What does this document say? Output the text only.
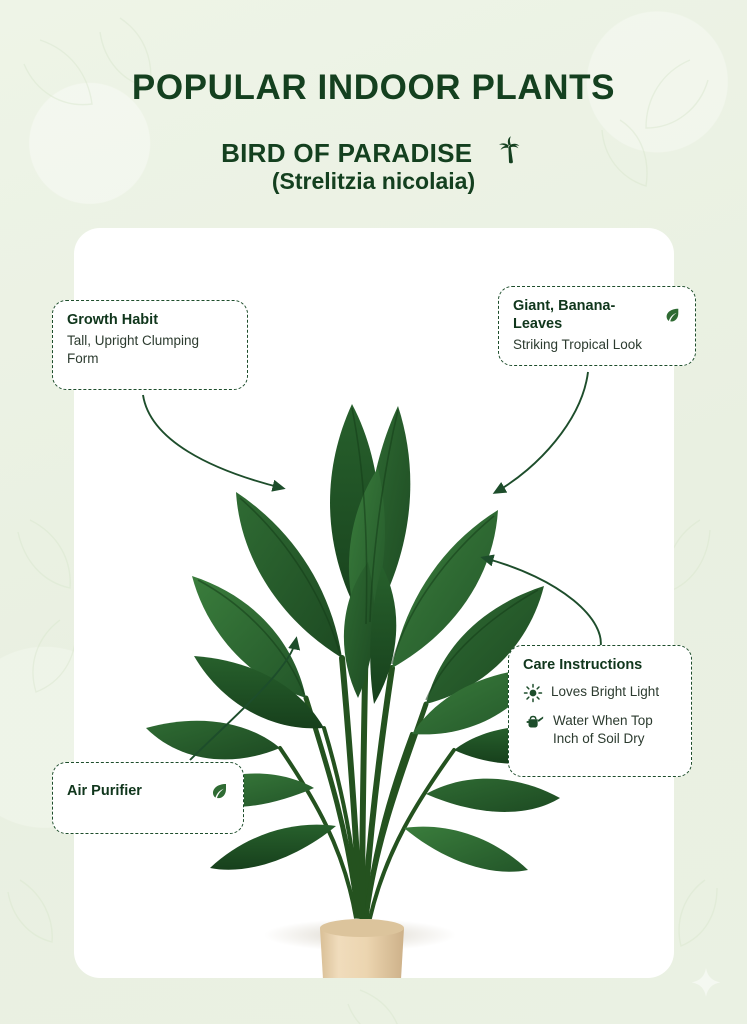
POPULAR INDOOR PLANTS
BIRD OF PARADISE
(Strelitzia nicolaia)
Growth Habit
Tall, Upright Clumping Form
Giant, Banana-Leaves
Striking Tropical Look
Care Instructions
Loves Bright Light
Water When Top Inch of Soil Dry
Air Purifier
